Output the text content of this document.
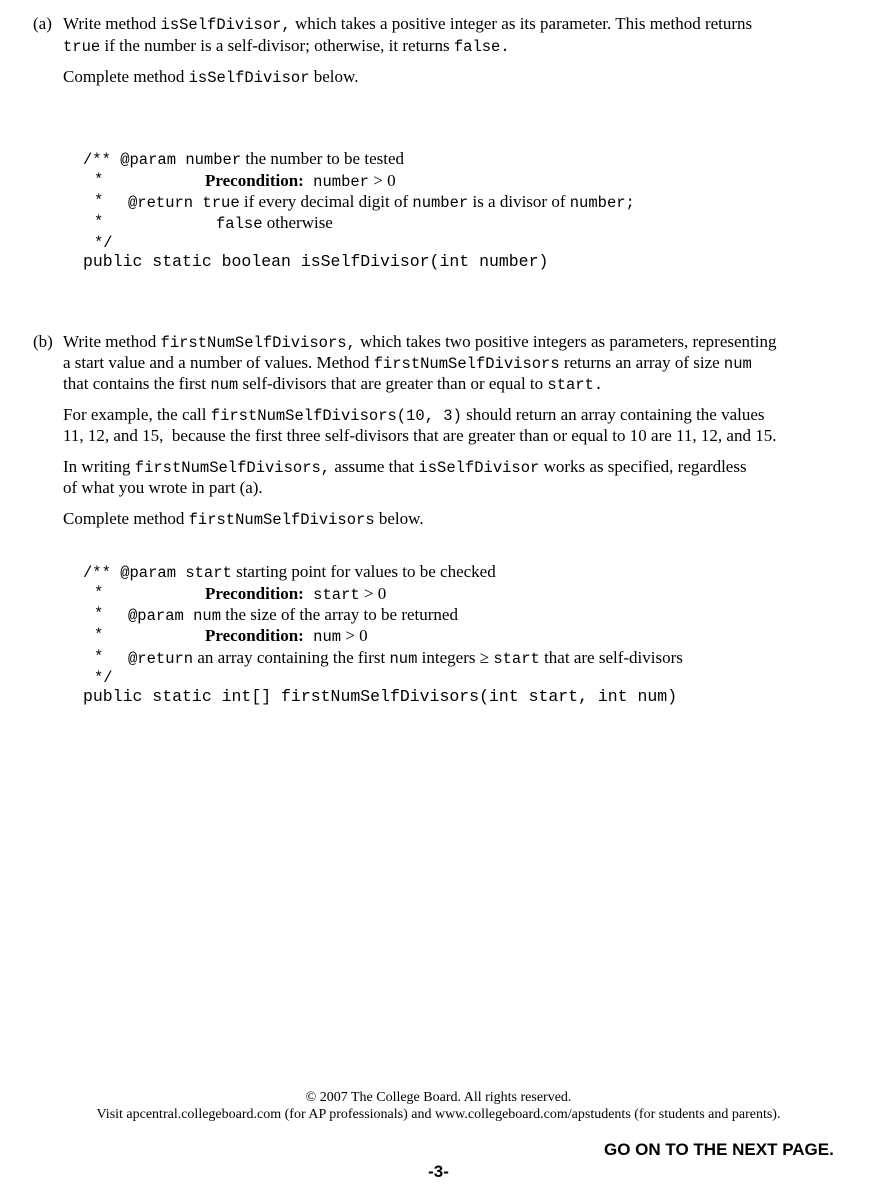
(a) Write method isSelfDivisor, which takes a positive integer as its parameter. This method returns
true if the number is a self-divisor; otherwise, it returns false.
Complete method isSelfDivisor below.
/** @param number the number to be tested
*	Precondition: number > 0
* @return true if every decimal digit of number is a divisor of number;
*	false otherwise
*/
public static boolean isSelfDivisor(int number)
(b) Write method firstNumSelfDivisors, which takes two positive integers as parameters, representing
a start value and a number of values. Method firstNumSelfDivisors returns an array of size num
that contains the first num self-divisors that are greater than or equal to start.
For example, the call firstNumSelfDivisors(10, 3) should return an array containing the values
11, 12, and 15,  because the first three self-divisors that are greater than or equal to 10 are 11, 12, and 15.
In writing firstNumSelfDivisors, assume that isSelfDivisor works as specified, regardless
of what you wrote in part (a).
Complete method firstNumSelfDivisors below.
/** @param start starting point for values to be checked
*	Precondition: start > 0
* @param num the size of the array to be returned
*	Precondition: num > 0
* @return an array containing the first num integers ≥ start that are self-divisors
*/
public static int[] firstNumSelfDivisors(int start, int num)
© 2007 The College Board. All rights reserved.
Visit apcentral.collegeboard.com (for AP professionals) and www.collegeboard.com/apstudents (for students and parents).
GO ON TO THE NEXT PAGE.
-3-
